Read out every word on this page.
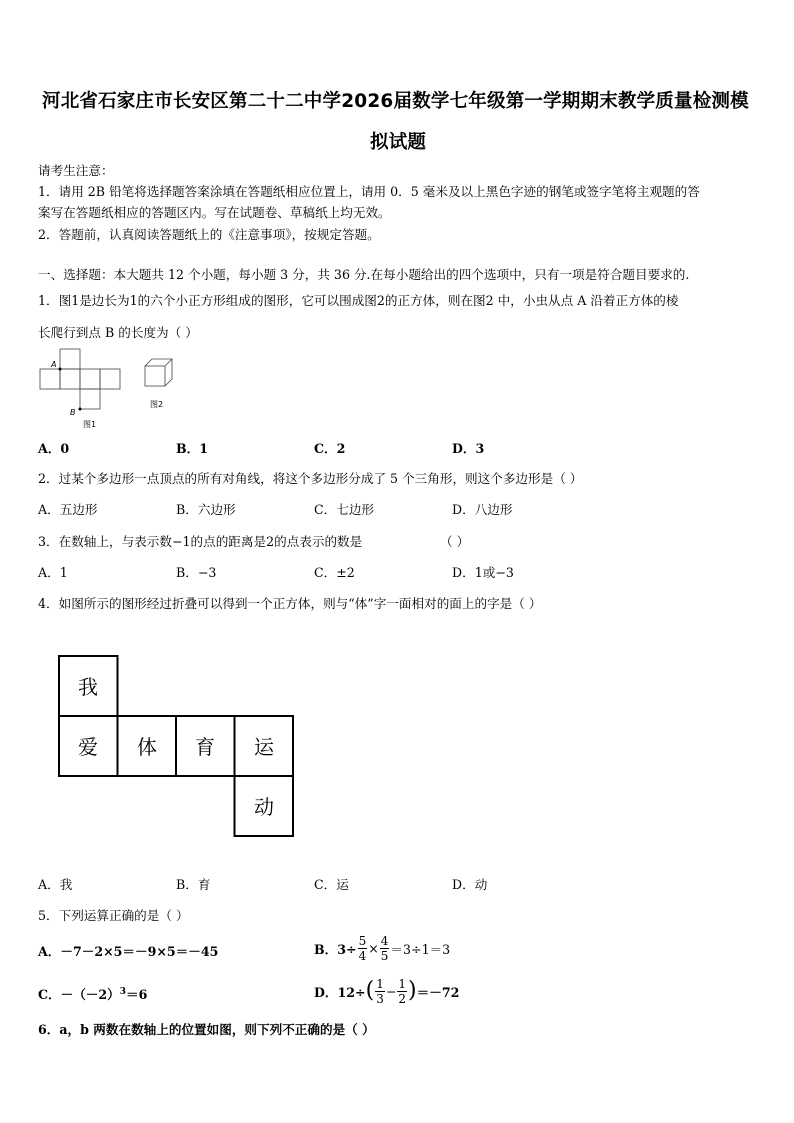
河北省石家庄市长安区第二十二中学2026届数学七年级第一学期期末教学质量检测模
拟试题
请考生注意：
1．请用 2B 铅笔将选择题答案涂填在答题纸相应位置上，请用 0．5 毫米及以上黑色字迹的钢笔或签字笔将主观题的答
案写在答题纸相应的答题区内。写在试题卷、草稿纸上均无效。
2．答题前，认真阅读答题纸上的《注意事项》，按规定答题。
一、选择题：本大题共 12 个小题，每小题 3 分，共 36 分.在每小题给出的四个选项中，只有一项是符合题目要求的.
1．图1是边长为1的六个小正方形组成的图形，它可以围成图2的正方体，则在图2 中，小虫从点 A 沿着正方体的棱
长爬行到点 B 的长度为（ ）
A
B
图1
图2
A．0	B．1	C．2	D．3
2．过某个多边形一点顶点的所有对角线，将这个多边形分成了 5 个三角形，则这个多边形是（ ）
A．五边形	B．六边形	C．七边形	D．八边形
3．在数轴上，与表示数−1的点的距离是2的点表示的数是	（ ）
A．1	B．−3	C．±2	D．1或−3
4．如图所示的图形经过折叠可以得到一个正方体，则与“体”字一面相对的面上的字是（ ）
我
爱 体 育 运
动
A．我	B．育	C．运	D．动
5．下列运算正确的是（ ）
A．－7－2×5＝－9×5＝－45	B．$3\div \frac{5}{4} \times \frac{4}{5} =3\div 1=3$
C．$-(-2)^3=6$	D．12÷ ( $\frac{1}{3} - \frac{1}{2}$ ) ＝－72
6．a，b 两数在数轴上的位置如图，则下列不正确的是（ ）
